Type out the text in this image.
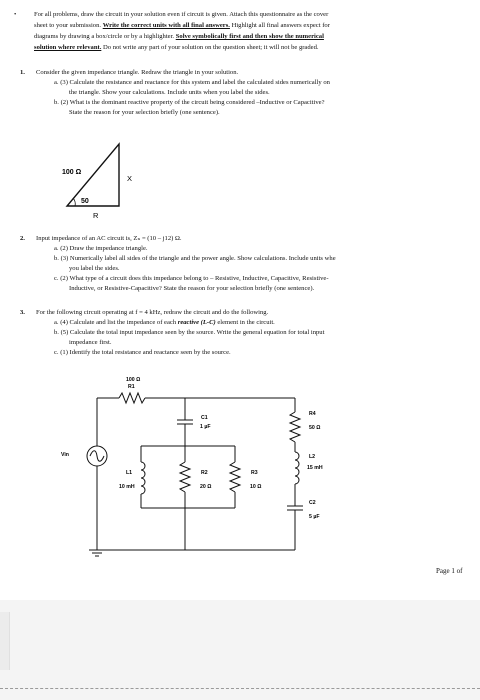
•	For all problems, draw the circuit in your solution even if circuit is given. Attach this questionnaire as the cover
sheet to your submission. Write the correct units with all final answers. Highlight all final answers expect for
diagrams by drawing a box/circle or by a highlighter. Solve symbolically first and then show the numerical
solution where relevant. Do not write any part of your solution on the question sheet; it will not be graded.
1. Consider the given impedance triangle. Redraw the triangle in your solution.
a. (3) Calculate the resistance and reactance for this system and label the calculated sides numerically on
the triangle. Show your calculations. Include units when you label the sides.
b. (2) What is the dominant reactive property of the circuit being considered –Inductive or Capacitive?
State the reason for your selection briefly (one sentence).
100 Ω
X
50
R
2. Input impedance of an AC circuit is, Zₙ = (10 – j12) Ω.
a. (2) Draw the impedance triangle.
b. (3) Numerically label all sides of the triangle and the power angle. Show calculations. Include units whe
you label the sides.
c. (2) What type of a circuit does this impedance belong to – Resistive, Inductive, Capacitive, Resistive-
Inductive, or Resistive-Capacitive? State the reason for your selection briefly (one sentence).
3. For the following circuit operating at f = 4 kHz, redraw the circuit and do the following.
a. (4) Calculate and list the impedance of each reactive (L-C) element in the circuit.
b. (5) Calculate the total input impedance seen by the source. Write the general equation for total input
impedance first.
c. (1) Identify the total resistance and reactance seen by the source.
100 Ω
R1
C1
1 µF
Vin
L1
10 mH
R2
20 Ω
R3
10 Ω
R4
50 Ω
L2
15 mH
C2
5 µF
Page 1 of
